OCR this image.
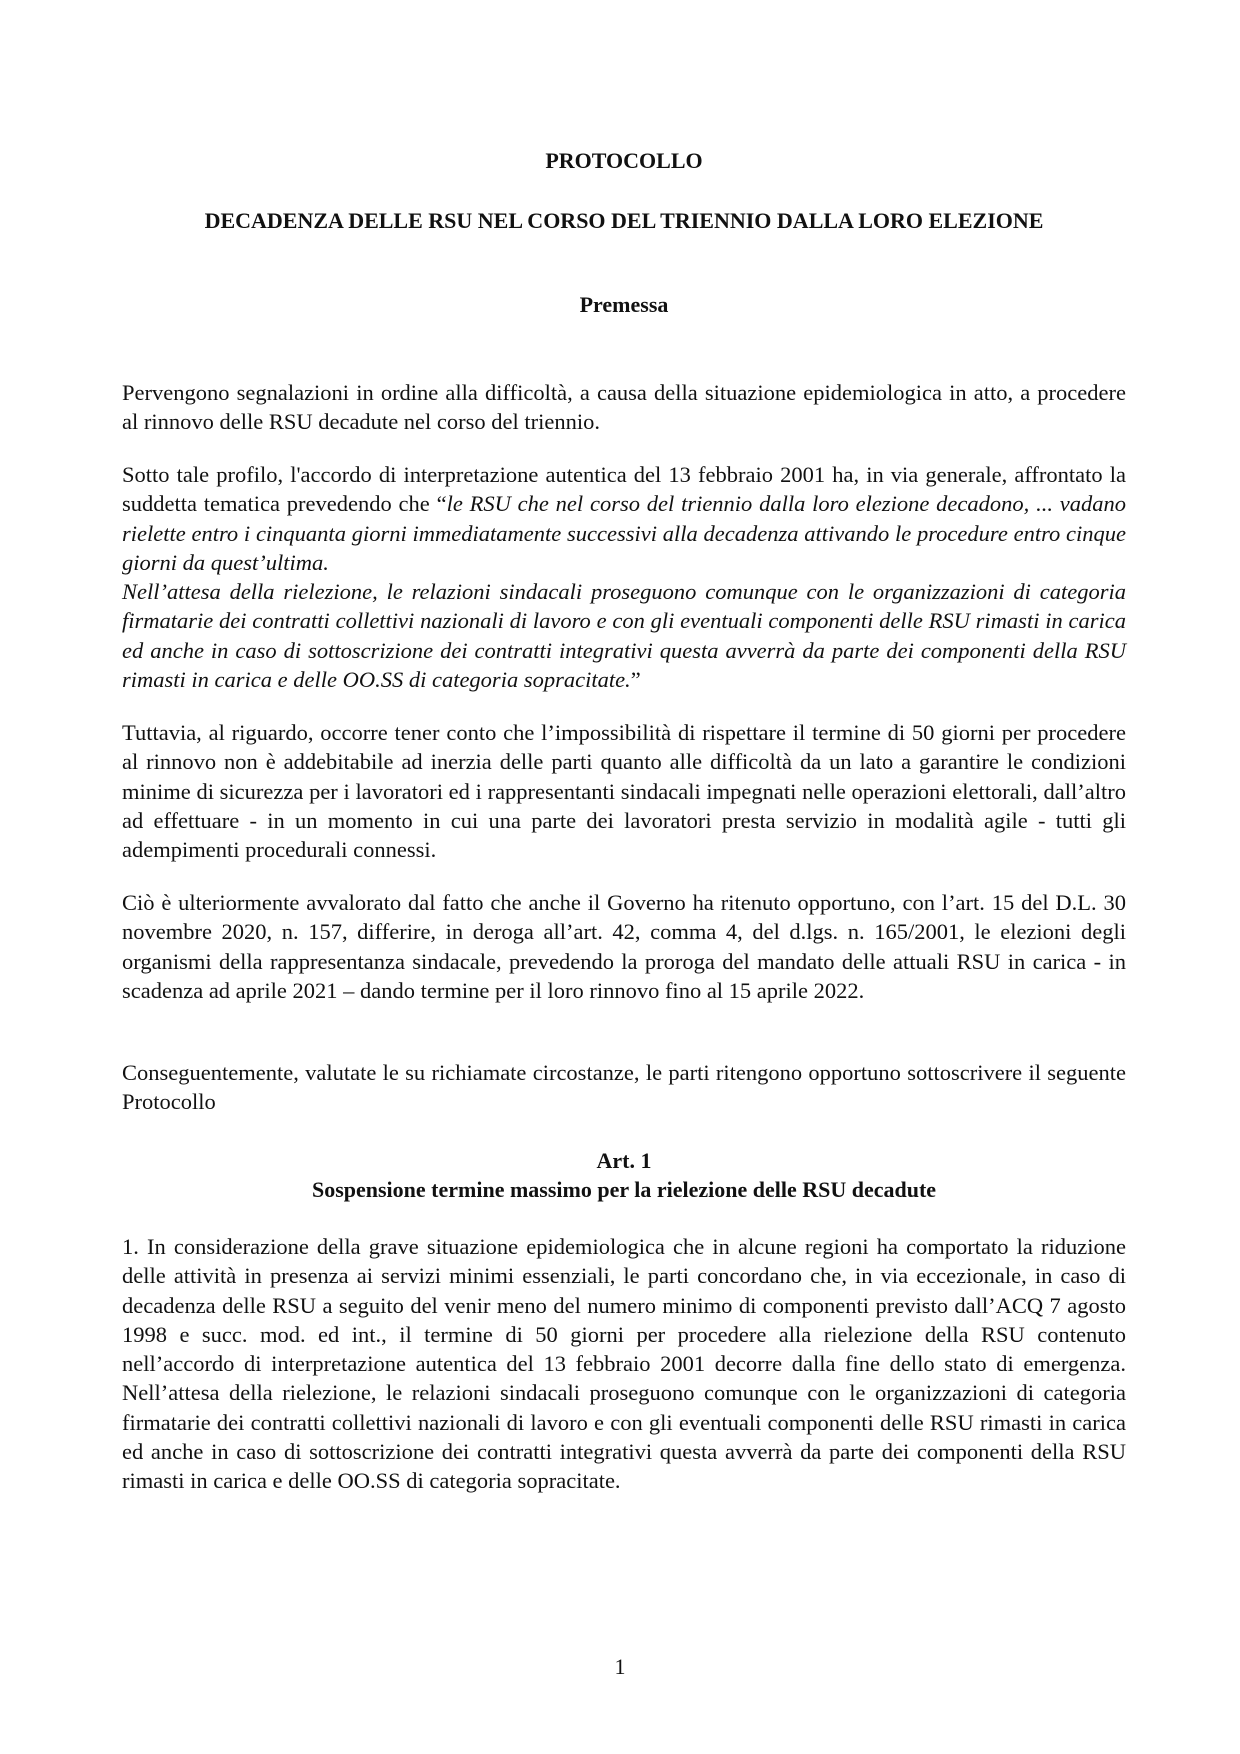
PROTOCOLLO
DECADENZA DELLE RSU NEL CORSO DEL TRIENNIO DALLA LORO ELEZIONE
Premessa

Pervengono segnalazioni in ordine alla difficoltà, a causa della situazione epidemiologica in atto, a procedere al rinnovo delle RSU decadute nel corso del triennio.

Sotto tale profilo, l'accordo di interpretazione autentica del 13 febbraio 2001 ha, in via generale, affrontato la suddetta tematica prevedendo che “le RSU che nel corso del triennio dalla loro elezione decadono, ... vadano rielette entro i cinquanta giorni immediatamente successivi alla decadenza attivando le procedure entro cinque giorni da quest’ultima.
Nell’attesa della rielezione, le relazioni sindacali proseguono comunque con le organizzazioni di categoria firmatarie dei contratti collettivi nazionali di lavoro e con gli eventuali componenti delle RSU rimasti in carica ed anche in caso di sottoscrizione dei contratti integrativi questa avverrà da parte dei componenti della RSU rimasti in carica e delle OO.SS di categoria sopracitate.”

Tuttavia, al riguardo, occorre tener conto che l’impossibilità di rispettare il termine di 50 giorni per procedere al rinnovo non è addebitabile ad inerzia delle parti quanto alle difficoltà da un lato a garantire le condizioni minime di sicurezza per i lavoratori ed i rappresentanti sindacali impegnati nelle operazioni elettorali, dall’altro ad effettuare - in un momento in cui una parte dei lavoratori presta servizio in modalità agile - tutti gli adempimenti procedurali connessi.

Ciò è ulteriormente avvalorato dal fatto che anche il Governo ha ritenuto opportuno, con l’art. 15 del D.L. 30 novembre 2020, n. 157, differire, in deroga all’art. 42, comma 4, del d.lgs. n. 165/2001, le elezioni degli organismi della rappresentanza sindacale, prevedendo la proroga del mandato delle attuali RSU in carica - in scadenza ad aprile 2021 – dando termine per il loro rinnovo fino al 15 aprile 2022.

Conseguentemente, valutate le su richiamate circostanze, le parti ritengono opportuno sottoscrivere il seguente Protocollo

Art. 1
Sospensione termine massimo per la rielezione delle RSU decadute

1. In considerazione della grave situazione epidemiologica che in alcune regioni ha comportato la riduzione delle attività in presenza ai servizi minimi essenziali, le parti concordano che, in via eccezionale, in caso di decadenza delle RSU a seguito del venir meno del numero minimo di componenti previsto dall’ACQ 7 agosto 1998 e succ. mod. ed int., il termine di 50 giorni per procedere alla rielezione della RSU contenuto nell’accordo di interpretazione autentica del 13 febbraio 2001 decorre dalla fine dello stato di emergenza. Nell’attesa della rielezione, le relazioni sindacali proseguono comunque con le organizzazioni di categoria firmatarie dei contratti collettivi nazionali di lavoro e con gli eventuali componenti delle RSU rimasti in carica ed anche in caso di sottoscrizione dei contratti integrativi questa avverrà da parte dei componenti della RSU rimasti in carica e delle OO.SS di categoria sopracitate.

1
